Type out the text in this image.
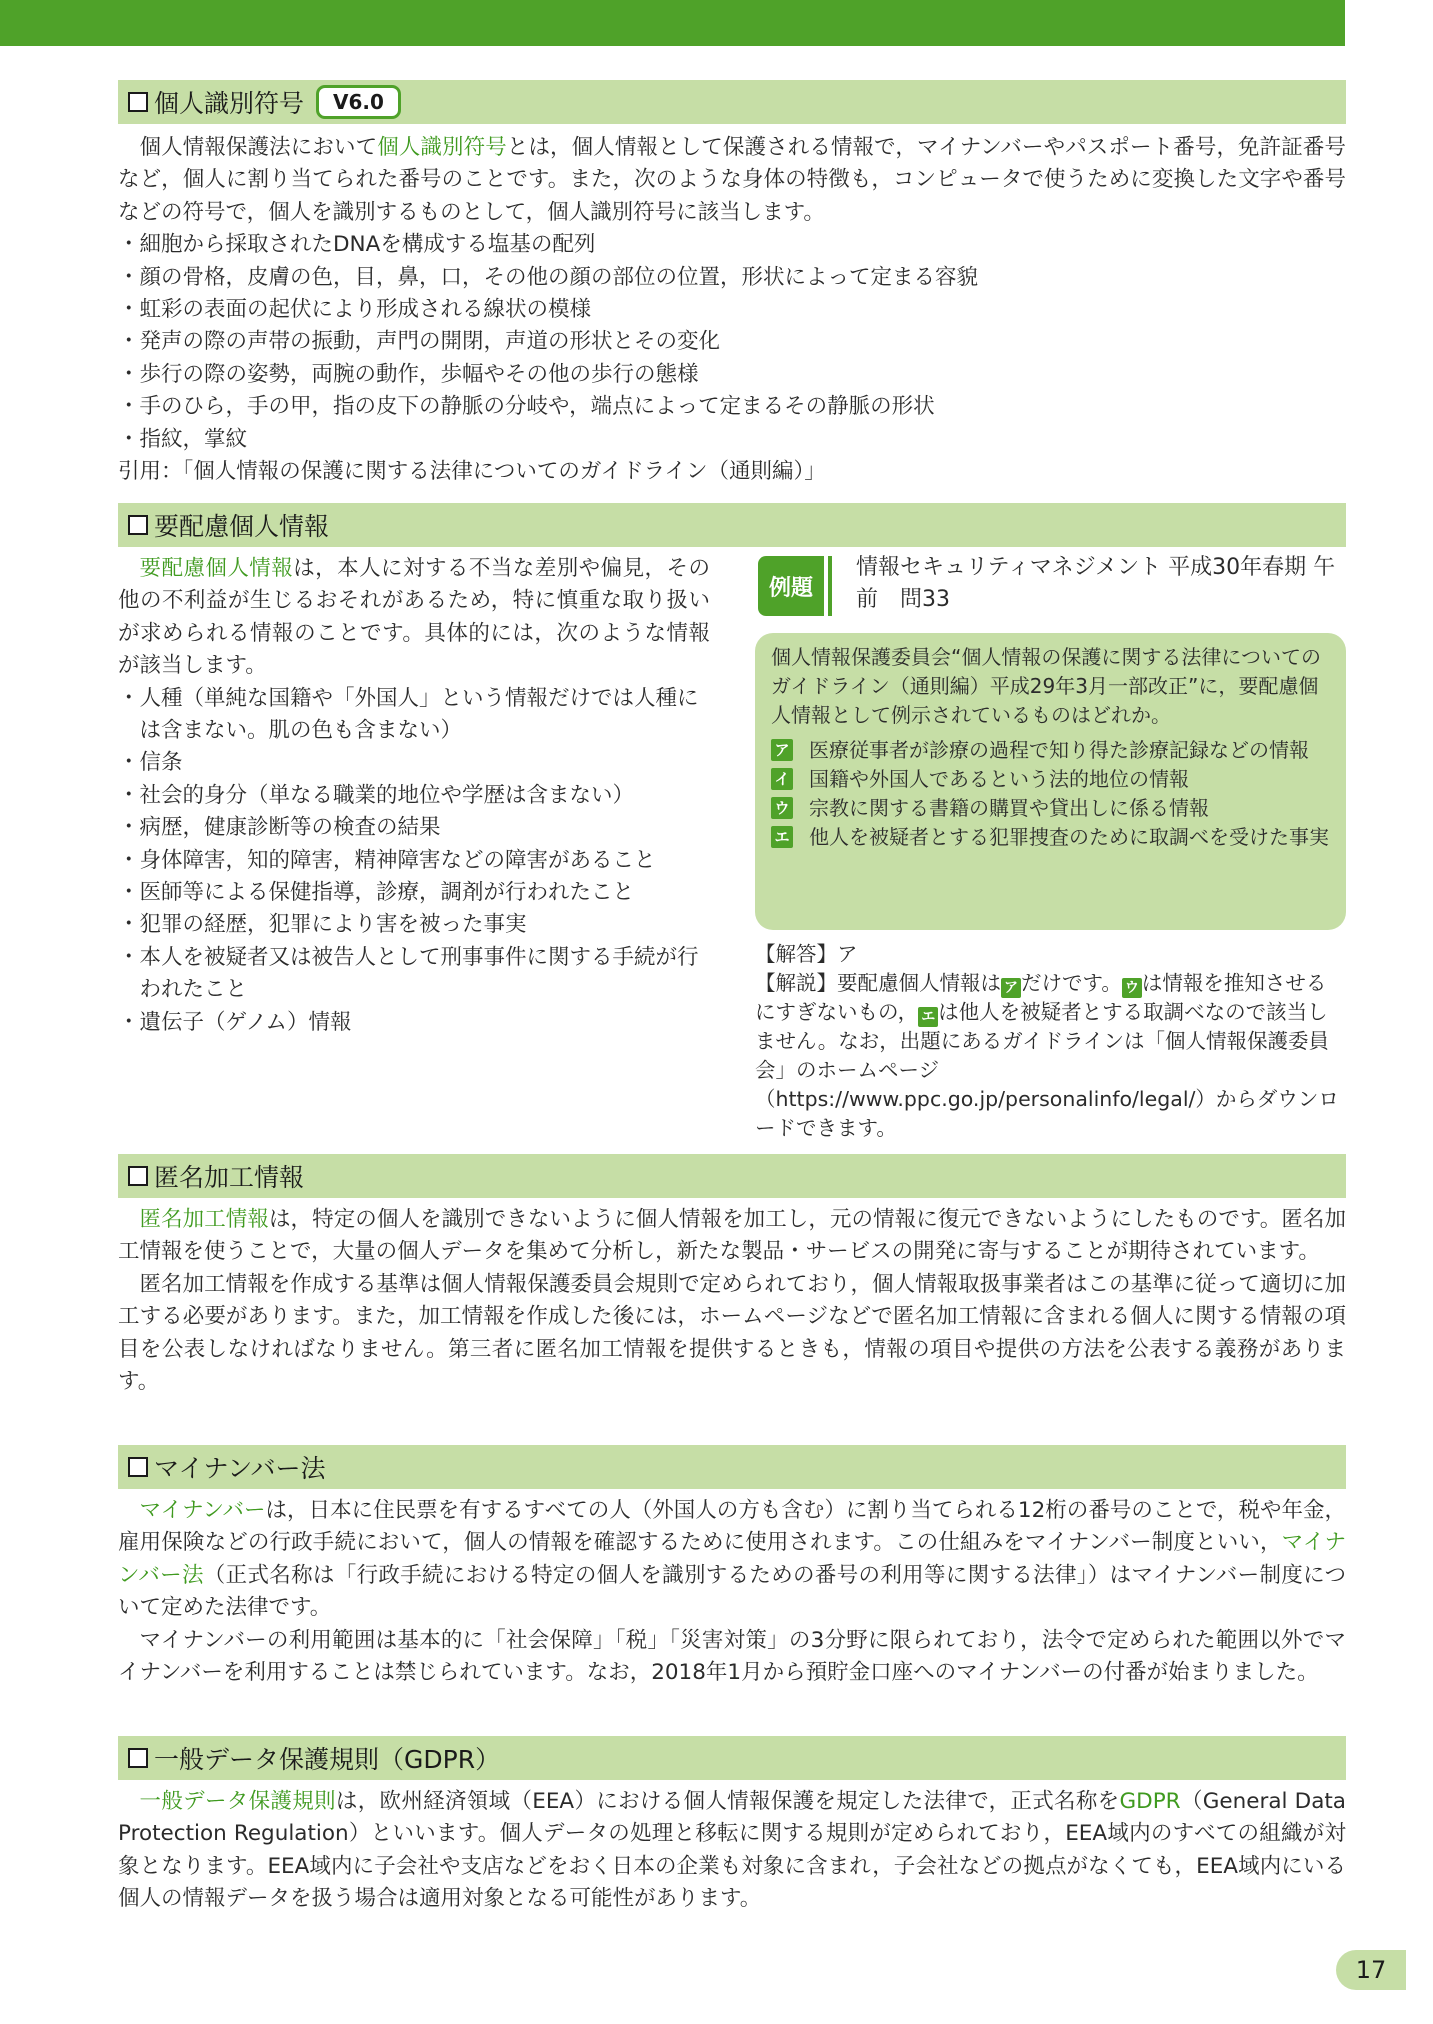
個人識別符号	V6.0

個人情報保護法において個人識別符号とは，個人情報として保護される情報で，マイナンバーやパスポート番号，免許証番号など，個人に割り当てられた番号のことです。また，次のような身体の特徴も，コンピュータで使うために変換した文字や番号などの符号で，個人を識別するものとして，個人識別符号に該当します。

・細胞から採取されたDNAを構成する塩基の配列
・顔の骨格，皮膚の色，目，鼻，口，その他の顔の部位の位置，形状によって定まる容貌
・虹彩の表面の起伏により形成される線状の模様
・発声の際の声帯の振動，声門の開閉，声道の形状とその変化
・歩行の際の姿勢，両腕の動作，歩幅やその他の歩行の態様
・手のひら，手の甲，指の皮下の静脈の分岐や，端点によって定まるその静脈の形状
・指紋，掌紋

引用：「個人情報の保護に関する法律についてのガイドライン（通則編）」

要配慮個人情報

要配慮個人情報は，本人に対する不当な差別や偏見，その他の不利益が生じるおそれがあるため，特に慎重な取り扱いが求められる情報のことです。具体的には，次のような情報が該当します。

・人種（単純な国籍や「外国人」という情報だけでは人種には含まない。肌の色も含まない）
・信条
・社会的身分（単なる職業的地位や学歴は含まない）
・病歴，健康診断等の検査の結果
・身体障害，知的障害，精神障害などの障害があること
・医師等による保健指導，診療，調剤が行われたこと
・犯罪の経歴，犯罪により害を被った事実
・本人を被疑者又は被告人として刑事事件に関する手続が行われたこと
・遺伝子（ゲノム）情報
例題
情報セキュリティマネジメント 平成30年春期 午前　問33

個人情報保護委員会“個人情報の保護に関する法律についてのガイドライン（通則編）平成29年3月一部改正”に，要配慮個人情報として例示されているものはどれか。

ア 医療従事者が診療の過程で知り得た診療記録などの情報
イ 国籍や外国人であるという法的地位の情報
ウ 宗教に関する書籍の購買や貸出しに係る情報
エ 他人を被疑者とする犯罪捜査のために取調べを受けた事実

【解答】ア

【解説】要配慮個人情報は ア だけです。 ウ は情報を推知させるにすぎないもの， エ は他人を被疑者とする取調べなので該当しません。なお，出題にあるガイドラインは「個人情報保護委員会」のホームページ（https://www.ppc.go.jp/personalinfo/legal/）からダウンロードできます。

匿名加工情報

匿名加工情報は，特定の個人を識別できないように個人情報を加工し，元の情報に復元できないようにしたものです。匿名加工情報を使うことで，大量の個人データを集めて分析し，新たな製品・サービスの開発に寄与することが期待されています。

匿名加工情報を作成する基準は個人情報保護委員会規則で定められており，個人情報取扱事業者はこの基準に従って適切に加工する必要があります。また，加工情報を作成した後には，ホームページなどで匿名加工情報に含まれる個人に関する情報の項目を公表しなければなりません。第三者に匿名加工情報を提供するときも，情報の項目や提供の方法を公表する義務があります。

マイナンバー法

マイナンバーは，日本に住民票を有するすべての人（外国人の方も含む）に割り当てられる12桁の番号のことで，税や年金，雇用保険などの行政手続において，個人の情報を確認するために使用されます。この仕組みをマイナンバー制度といい，マイナンバー法（正式名称は「行政手続における特定の個人を識別するための番号の利用等に関する法律」）はマイナンバー制度について定めた法律です。

マイナンバーの利用範囲は基本的に「社会保障」「税」「災害対策」の3分野に限られており，法令で定められた範囲以外でマイナンバーを利用することは禁じられています。なお，2018年1月から預貯金口座へのマイナンバーの付番が始まりました。

一般データ保護規則（GDPR）

一般データ保護規則は，欧州経済領域（EEA）における個人情報保護を規定した法律で，正式名称をGDPR（General Data Protection Regulation）といいます。個人データの処理と移転に関する規則が定められており，EEA域内のすべての組織が対象となります。EEA域内に子会社や支店などをおく日本の企業も対象に含まれ，子会社などの拠点がなくても，EEA域内にいる個人の情報データを扱う場合は適用対象となる可能性があります。

17
